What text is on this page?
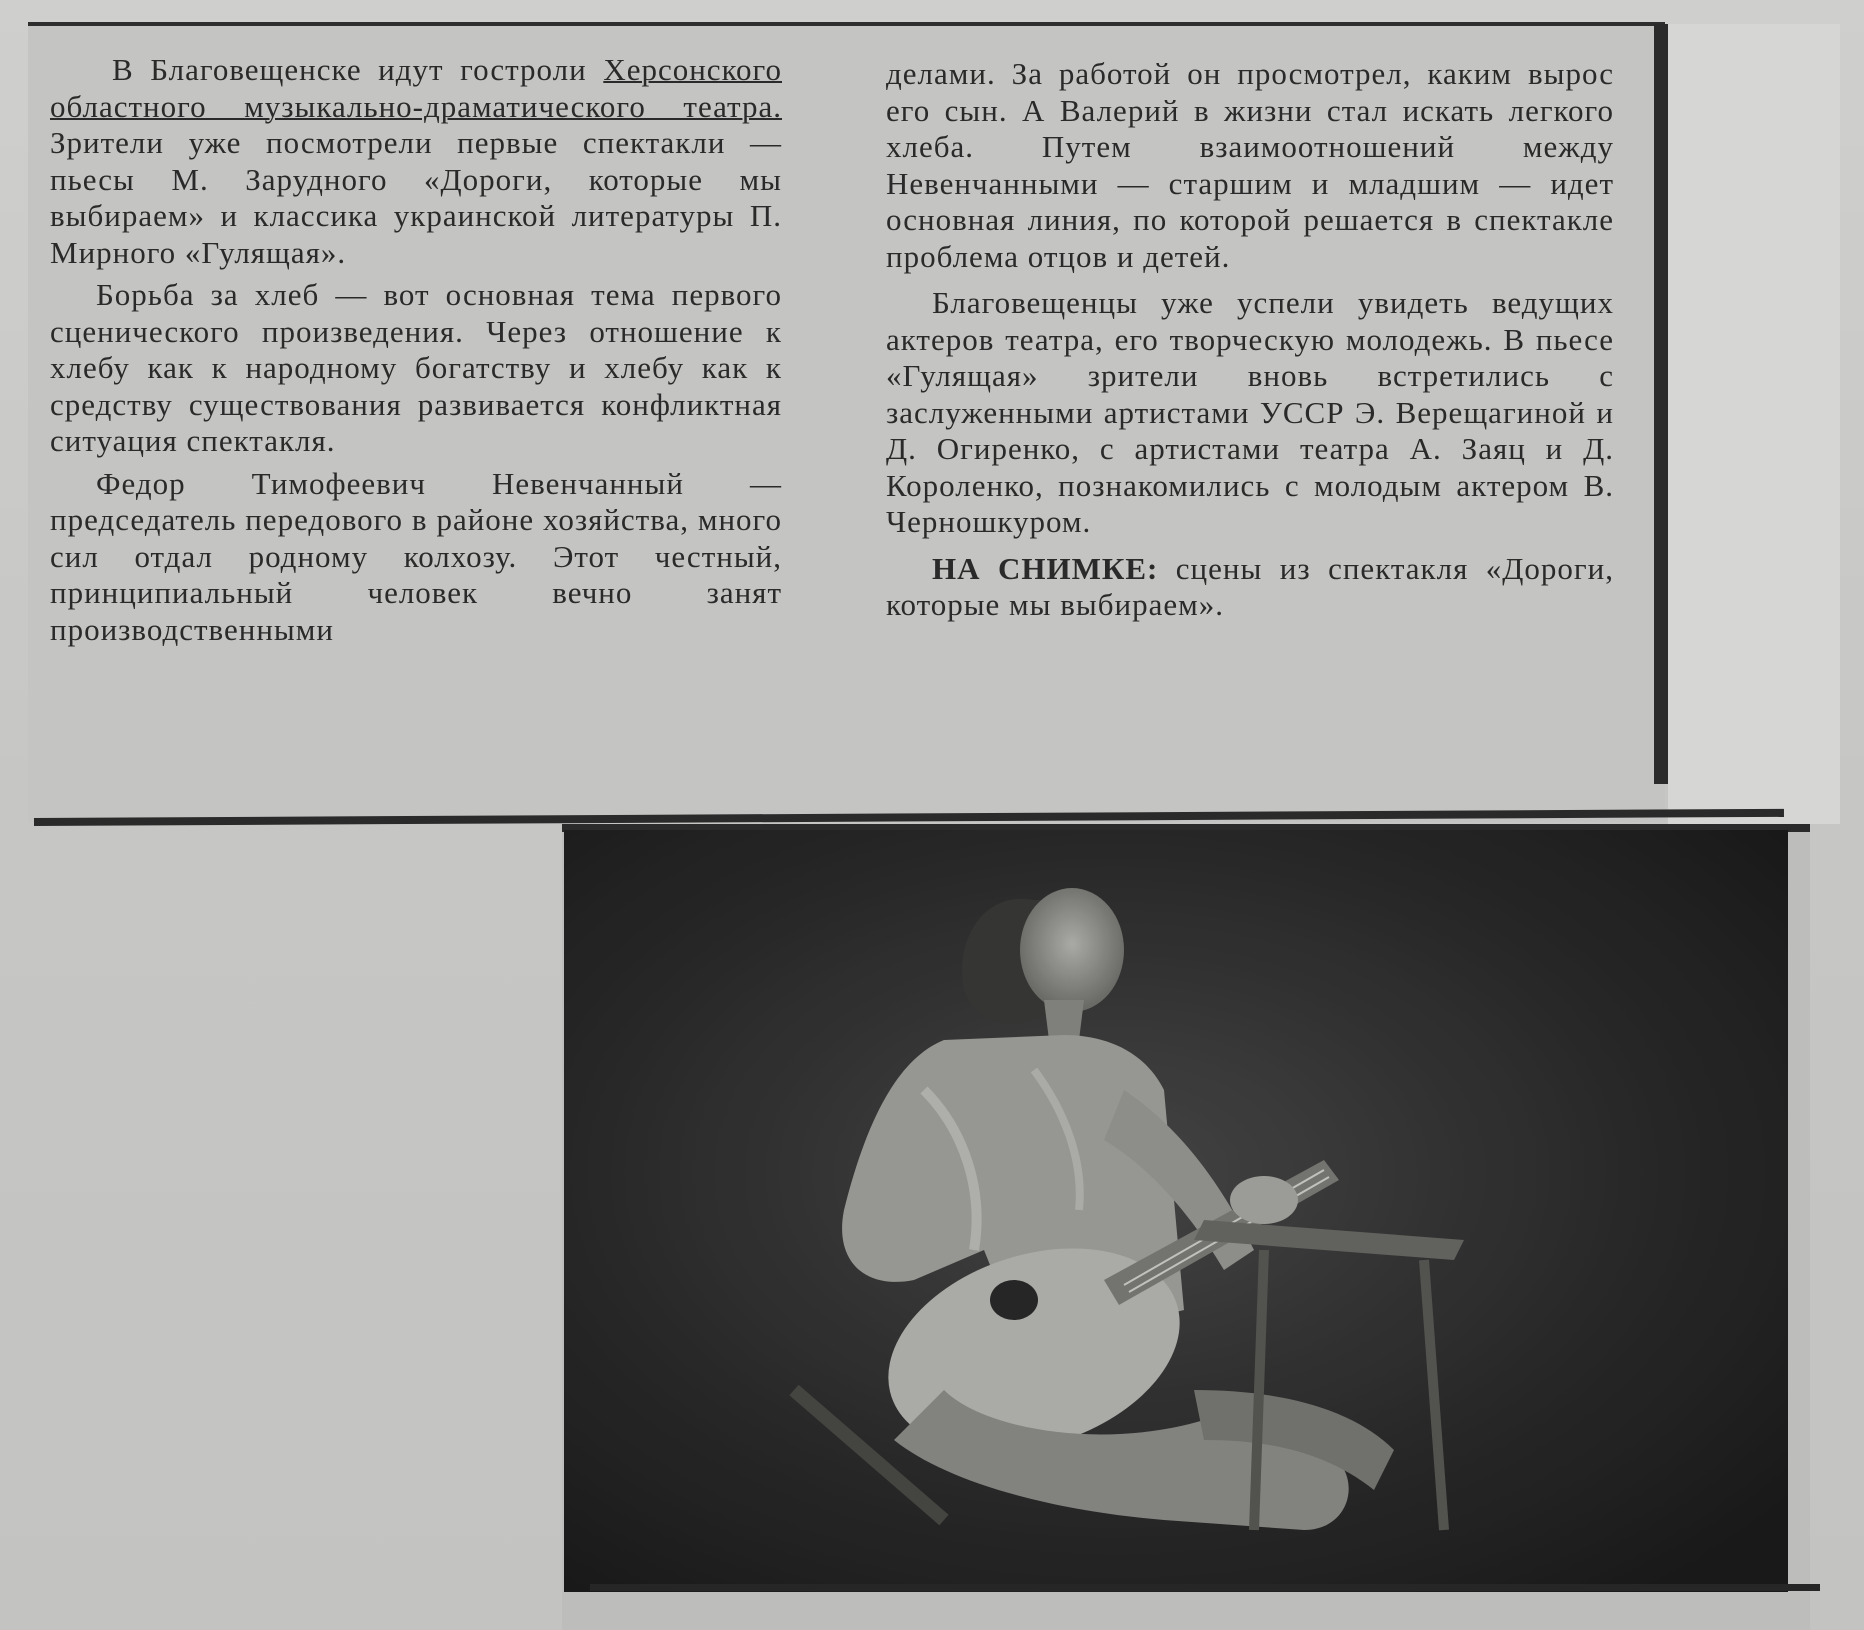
В Благовещенске идут гостроли Херсонского областного музыкально-драматического театра. Зрители уже посмотрели первые спектакли — пьесы М. Зарудного «Дороги, которые мы выбираем» и классика украинской литературы П. Мирного «Гулящая».

Борьба за хлеб — вот основная тема первого сценического произведения. Через отношение к хлебу как к народному богатству и хлебу как к средству существования развивается конфликтная ситуация спектакля.

Федор Тимофеевич Невенчанный — председатель передового в районе хозяйства, много сил отдал родному колхозу. Этот честный, принципиальный человек вечно занят производственными

делами. За работой он просмотрел, каким вырос его сын. А Валерий в жизни стал искать легкого хлеба. Путем взаимоотношений между Невенчанными — старшим и младшим — идет основная линия, по которой решается в спектакле проблема отцов и детей.

Благовещенцы уже успели увидеть ведущих актеров театра, его творческую молодежь. В пьесе «Гулящая» зрители вновь встретились с заслуженными артистами УССР Э. Верещагиной и Д. Огиренко, с артистами театра А. Заяц и Д. Короленко, познакомились с молодым актером В. Черношкуром.

НА СНИМКЕ: сцены из спектакля «Дороги, которые мы выбираем».
